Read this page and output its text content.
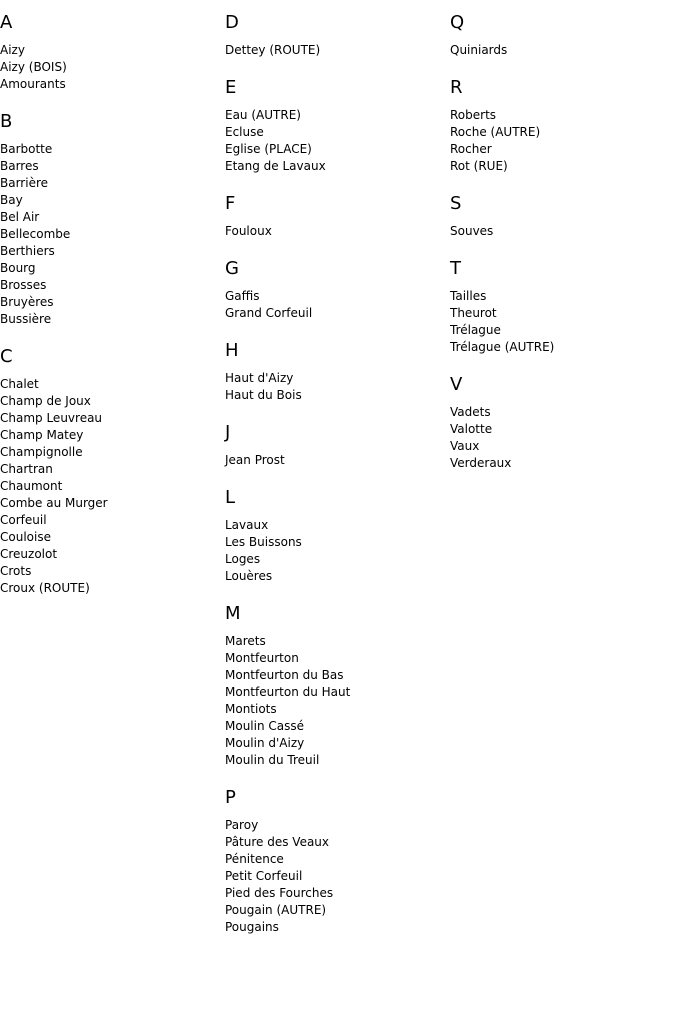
A
Aizy
Aizy (BOIS)
Amourants
B
Barbotte
Barres
Barrière
Bay
Bel Air
Bellecombe
Berthiers
Bourg
Brosses
Bruyères
Bussière
C
Chalet
Champ de Joux
Champ Leuvreau
Champ Matey
Champignolle
Chartran
Chaumont
Combe au Murger
Corfeuil
Couloise
Creuzolot
Crots
Croux (ROUTE)
D
Dettey (ROUTE)
E
Eau (AUTRE)
Ecluse
Eglise (PLACE)
Etang de Lavaux
F
Fouloux
G
Gaffis
Grand Corfeuil
H
Haut d'Aizy
Haut du Bois
J
Jean Prost
L
Lavaux
Les Buissons
Loges
Louères
M
Marets
Montfeurton
Montfeurton du Bas
Montfeurton du Haut
Montiots
Moulin Cassé
Moulin d'Aizy
Moulin du Treuil
P
Paroy
Pâture des Veaux
Pénitence
Petit Corfeuil
Pied des Fourches
Pougain (AUTRE)
Pougains
Q
Quiniards
R
Roberts
Roche (AUTRE)
Rocher
Rot (RUE)
S
Souves
T
Tailles
Theurot
Trélague
Trélague (AUTRE)
V
Vadets
Valotte
Vaux
Verderaux
